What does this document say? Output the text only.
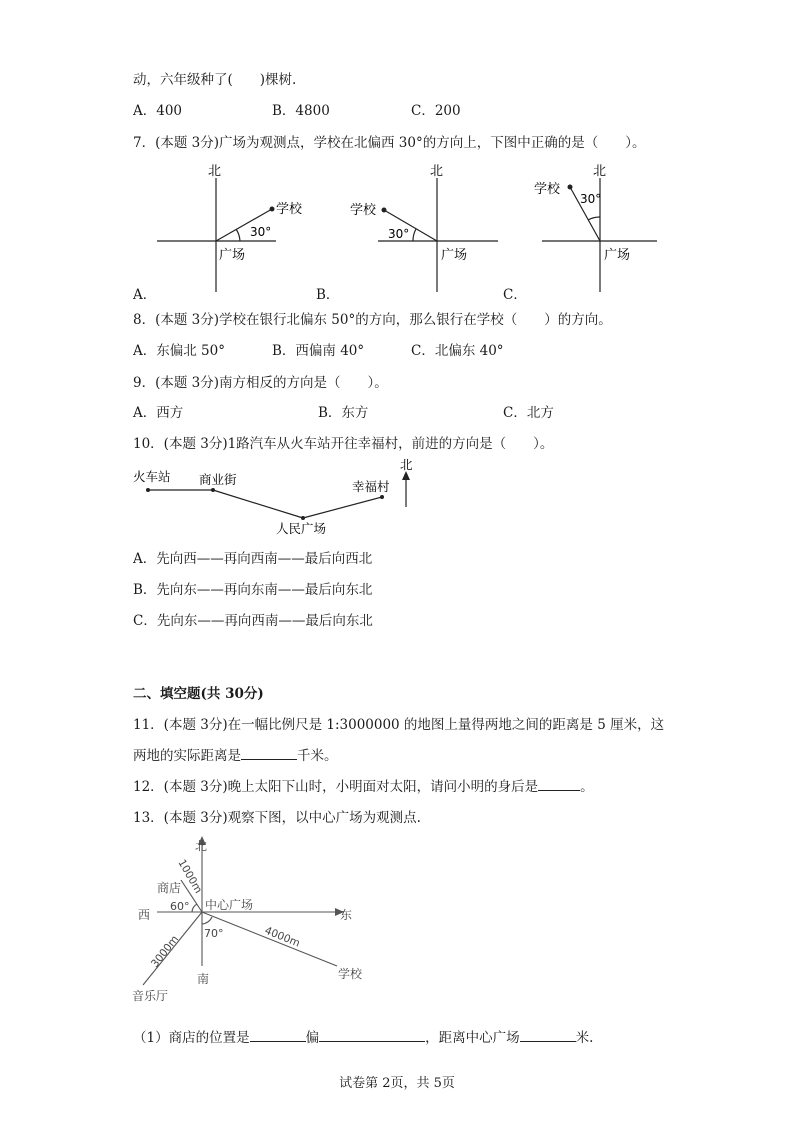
动，六年级种了(　　)棵树.
A．400	B．4800	C．200
7．(本题 3分)广场为观测点，学校在北偏西 30°的方向上，下图中正确的是（　　）。
北
学校
30°
广场
北
学校
30°
广场
北
学校
30°
广场
A．	B．	C．
8．(本题 3分)学校在银行北偏东 50°的方向，那么银行在学校（　　）的方向。
A．东偏北 50°	B．西偏南 40°	C．北偏东 40°
9．(本题 3分)南方相反的方向是（　　）。
A．西方	B．东方	C．北方
10．(本题 3分)1路汽车从火车站开往幸福村，前进的方向是（　　）。
火车站 商业街
人民广场
幸福村
北
A．先向西——再向西南——最后向西北
B．先向东——再向东南——最后向东北
C．先向东——再向西南——最后向东北
二、填空题(共 30分)
11．(本题 3分)在一幅比例尺是 1:3000000 的地图上量得两地之间的距离是 5 厘米，这
两地的实际距离是	千米。
12．(本题 3分)晚上太阳下山时，小明面对太阳，请问小明的身后是	。
13．(本题 3分)观察下图，以中心广场为观测点.
北
南
西	东
中心广场
商店
学校
音乐厅
60°
70°
1000m
4000m
3000m
（1）商店的位置是	偏	，距离中心广场	米.
试卷第 2页，共 5页
